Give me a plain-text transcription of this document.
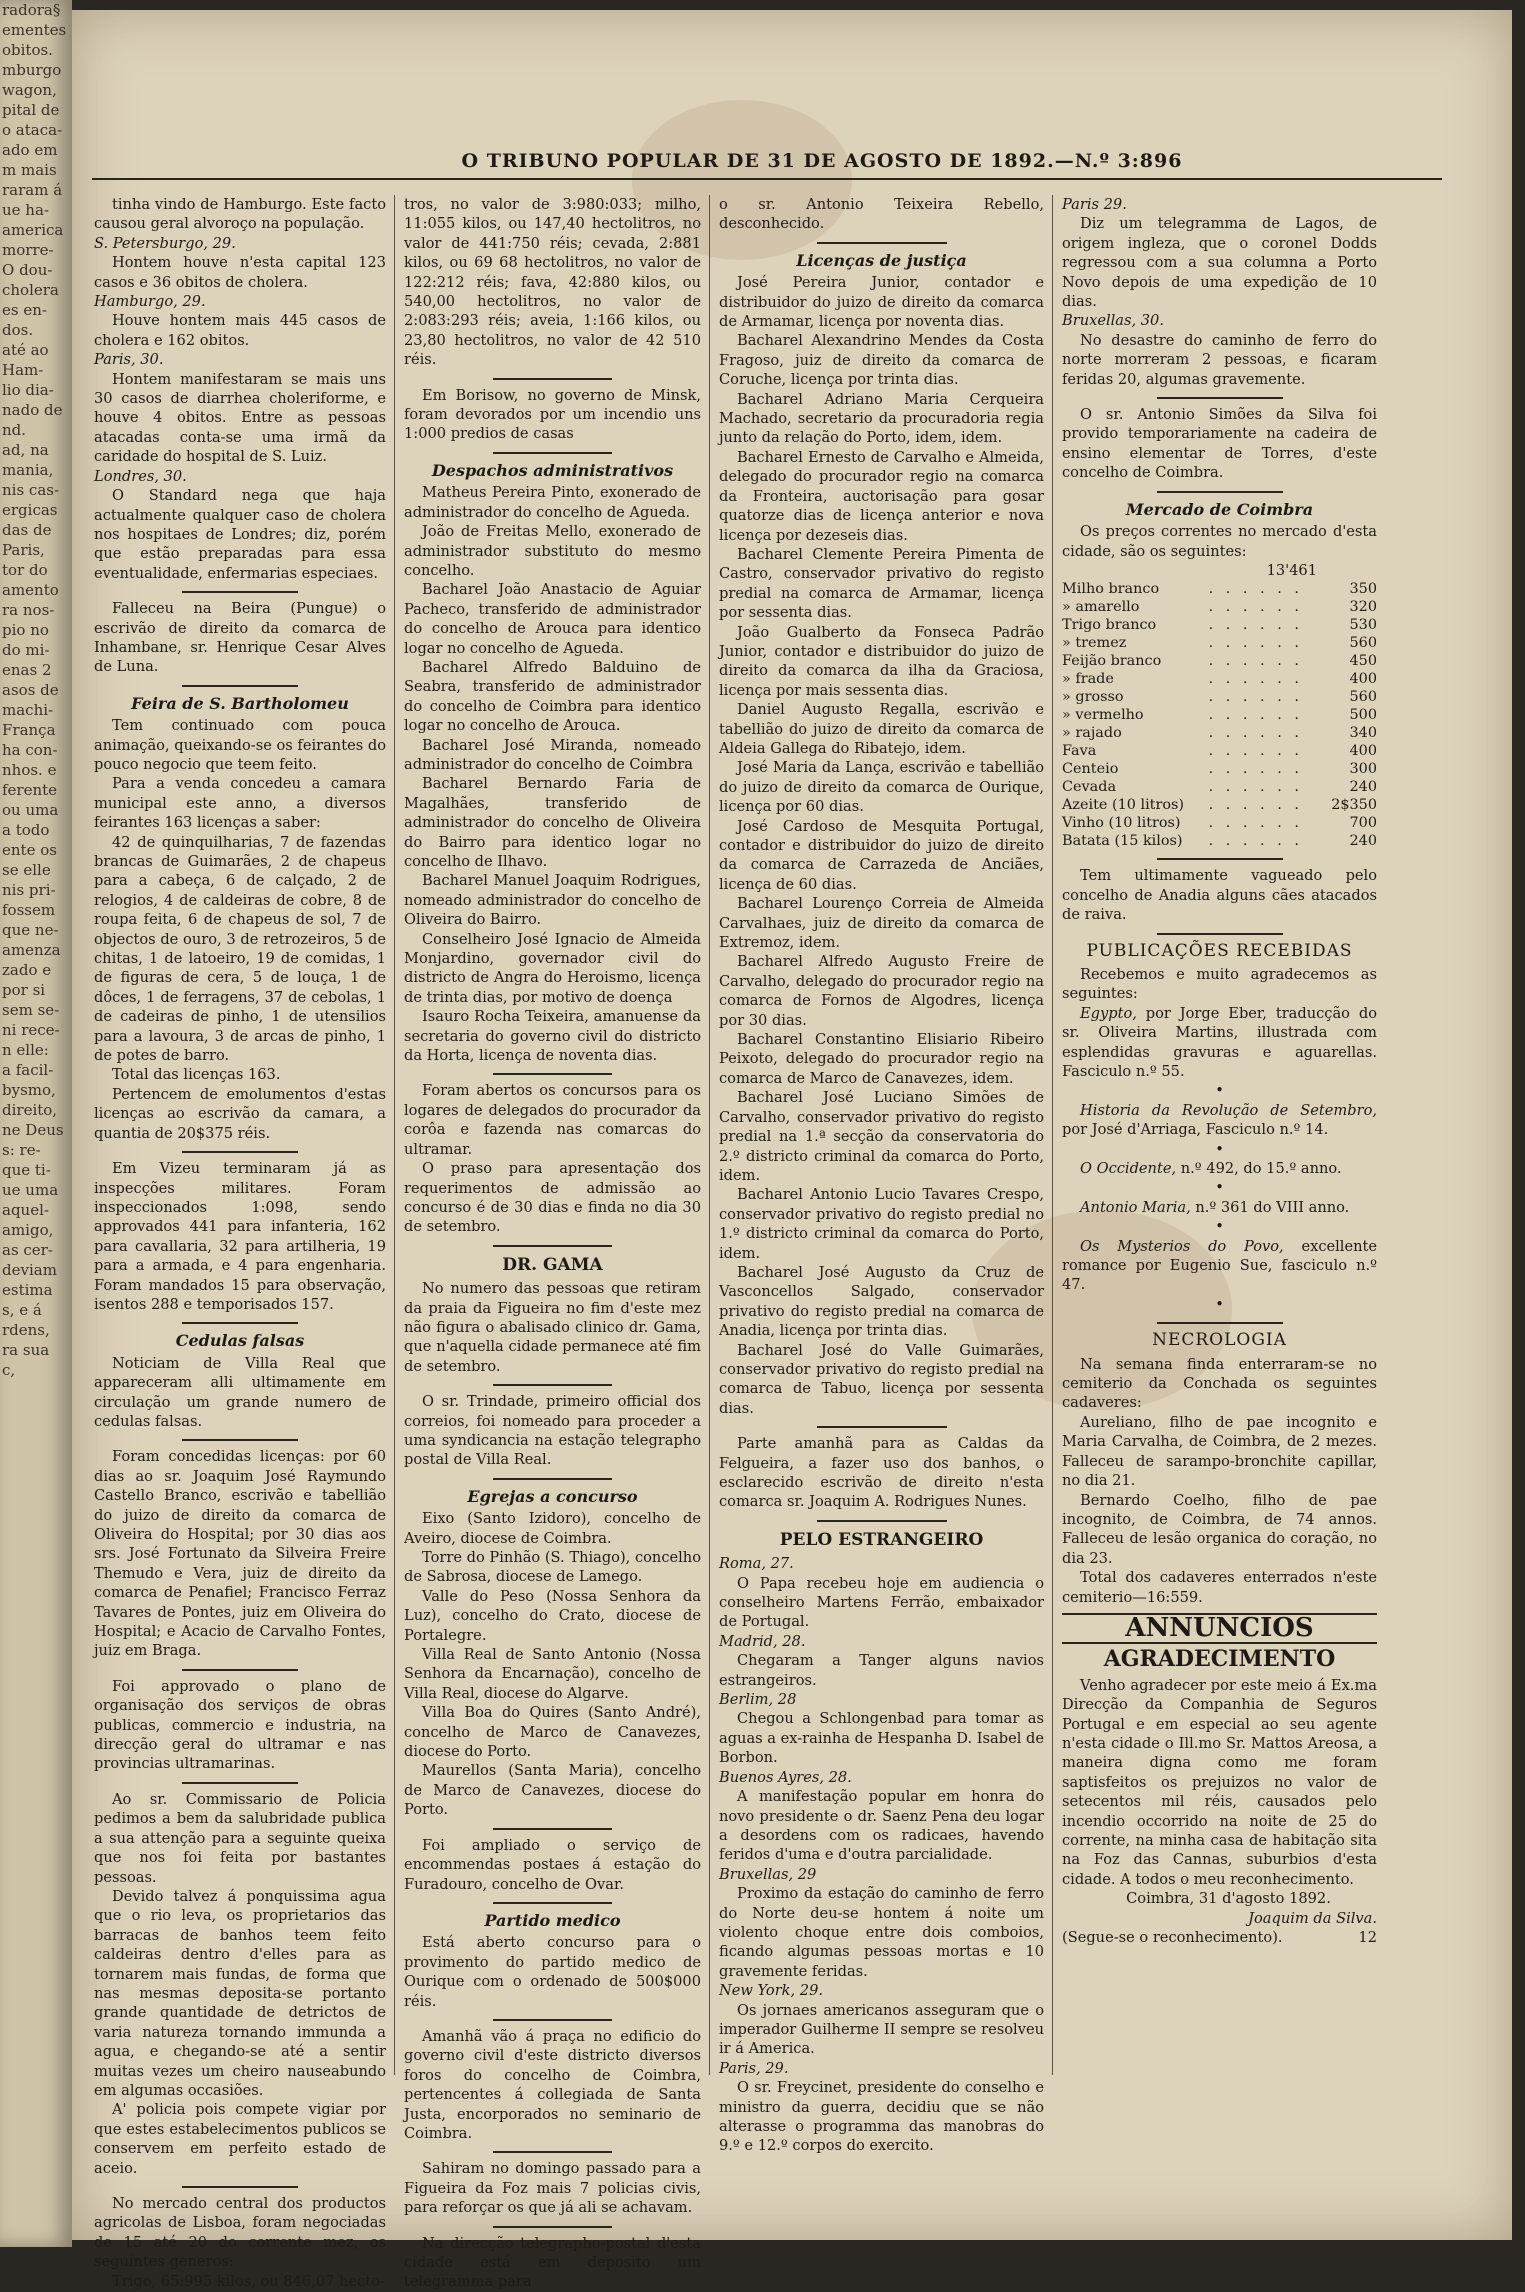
radora§
ementes
obitos.
mburgo
wagon,
pital de
o ataca-
ado em
m mais
raram á
ue ha-
america
morre-
O dou-
cholera
es en-
dos.
até ao
Ham-
lio dia-
nado de
nd.
ad, na
mania,
nis cas-
ergicas
das de
Paris,
tor do
amento
ra nos-
pio no
do mi-
enas 2
asos de
machi-
França
ha con-
nhos. e
ferente
ou uma
a todo
ente os
se elle
nis pri-
fossem
que ne-
amenza
zado e
por si
sem se-
ni rece-
n elle:
a facil-
bysmo,
direito,
ne Deus
s: re-
que ti-
ue uma
aquel-
amigo,
as cer-
deviam
estima
s, e á
rdens,
ra sua
c,
O TRIBUNO POPULAR DE 31 DE AGOSTO DE 1892.—N.º 3:896

tinha vindo de Hamburgo. Este facto causou geral alvoroço na população.

S. Petersburgo, 29.

Hontem houve n'esta capital 123 casos e 36 obitos de cholera.

Hamburgo, 29.

Houve hontem mais 445 casos de cholera e 162 obitos.

Paris, 30.

Hontem manifestaram se mais uns 30 casos de diarrhea choleriforme, e houve 4 obitos. Entre as pessoas atacadas conta-se uma irmã da caridade do hospital de S. Luiz.

Londres, 30.

O Standard nega que haja actualmente qualquer caso de cholera nos hospitaes de Londres; diz, porém que estão preparadas para essa eventualidade, enfermarias especiaes.

Falleceu na Beira (Pungue) o escrivão de direito da comarca de Inhambane, sr. Henrique Cesar Alves de Luna.

Feira de S. Bartholomeu

Tem continuado com pouca animação, queixando-se os feirantes do pouco negocio que teem feito.

Para a venda concedeu a camara municipal este anno, a diversos feirantes 163 licenças a saber:

42 de quinquilharias, 7 de fazendas brancas de Guimarães, 2 de chapeus para a cabeça, 6 de calçado, 2 de relogios, 4 de caldeiras de cobre, 8 de roupa feita, 6 de chapeus de sol, 7 de objectos de ouro, 3 de retrozeiros, 5 de chitas, 1 de latoeiro, 19 de comidas, 1 de figuras de cera, 5 de louça, 1 de dôces, 1 de ferragens, 37 de cebolas, 1 de cadeiras de pinho, 1 de utensilios para a lavoura, 3 de arcas de pinho, 1 de potes de barro.

Total das licenças 163.

Pertencem de emolumentos d'estas licenças ao escrivão da camara, a quantia de 20$375 réis.

Em Vizeu terminaram já as inspecções militares. Foram inspeccionados 1:098, sendo approvados 441 para infanteria, 162 para cavallaria, 32 para artilheria, 19 para a armada, e 4 para engenharia. Foram mandados 15 para observação, isentos 288 e temporisados 157.

Cedulas falsas

Noticiam de Villa Real que appareceram alli ultimamente em circulação um grande numero de cedulas falsas.

Foram concedidas licenças: por 60 dias ao sr. Joaquim José Raymundo Castello Branco, escrivão e tabellião do juizo de direito da comarca de Oliveira do Hospital; por 30 dias aos srs. José Fortunato da Silveira Freire Themudo e Vera, juiz de direito da comarca de Penafiel; Francisco Ferraz Tavares de Pontes, juiz em Oliveira do Hospital; e Acacio de Carvalho Fontes, juiz em Braga.

Foi approvado o plano de organisação dos serviços de obras publicas, commercio e industria, na direcção geral do ultramar e nas provincias ultramarinas.

Ao sr. Commissario de Policia pedimos a bem da salubridade publica a sua attenção para a seguinte queixa que nos foi feita por bastantes pessoas.

Devido talvez á ponquissima agua que o rio leva, os proprietarios das barracas de banhos teem feito caldeiras dentro d'elles para as tornarem mais fundas, de forma que nas mesmas deposita-se portanto grande quantidade de detrictos de varia natureza tornando immunda a agua, e chegando-se até a sentir muitas vezes um cheiro nauseabundo em algumas occasiões.

A' policia pois compete vigiar por que estes estabelecimentos publicos se conservem em perfeito estado de aceio.

No mercado central dos productos agricolas de Lisboa, foram negociadas de 15 até 20 do corrente mez, os seguintes generos:

Trigo, 65:995 kilos, ou 846,07 hecto-

tros, no valor de 3:980:033; milho, 11:055 kilos, ou 147,40 hectolitros, no valor de 441:750 réis; cevada, 2:881 kilos, ou 69 68 hectolitros, no valor de 122:212 réis; fava, 42:880 kilos, ou 540,00 hectolitros, no valor de 2:083:293 réis; aveia, 1:166 kilos, ou 23,80 hectolitros, no valor de 42 510 réis.

Em Borisow, no governo de Minsk, foram devorados por um incendio uns 1:000 predios de casas

Despachos administrativos

Matheus Pereira Pinto, exonerado de administrador do concelho de Agueda.

João de Freitas Mello, exonerado de administrador substituto do mesmo concelho.

Bacharel João Anastacio de Aguiar Pacheco, transferido de administrador do concelho de Arouca para identico logar no concelho de Agueda.

Bacharel Alfredo Balduino de Seabra, transferido de administrador do concelho de Coimbra para identico logar no concelho de Arouca.

Bacharel José Miranda, nomeado administrador do concelho de Coimbra

Bacharel Bernardo Faria de Magalhães, transferido de administrador do concelho de Oliveira do Bairro para identico logar no concelho de Ilhavo.

Bacharel Manuel Joaquim Rodrigues, nomeado administrador do concelho de Oliveira do Bairro.

Conselheiro José Ignacio de Almeida Monjardino, governador civil do districto de Angra do Heroismo, licença de trinta dias, por motivo de doença

Isauro Rocha Teixeira, amanuense da secretaria do governo civil do districto da Horta, licença de noventa dias.

Foram abertos os concursos para os logares de delegados do procurador da corôa e fazenda nas comarcas do ultramar.

O praso para apresentação dos requerimentos de admissão ao concurso é de 30 dias e finda no dia 30 de setembro.

DR. GAMA

No numero das pessoas que retiram da praia da Figueira no fim d'este mez não figura o abalisado clinico dr. Gama, que n'aquella cidade permanece até fim de setembro.

O sr. Trindade, primeiro official dos correios, foi nomeado para proceder a uma syndicancia na estação telegrapho postal de Villa Real.

Egrejas a concurso

Eixo (Santo Izidoro), concelho de Aveiro, diocese de Coimbra.

Torre do Pinhão (S. Thiago), concelho de Sabrosa, diocese de Lamego.

Valle do Peso (Nossa Senhora da Luz), concelho do Crato, diocese de Portalegre.

Villa Real de Santo Antonio (Nossa Senhora da Encarnação), concelho de Villa Real, diocese do Algarve.

Villa Boa do Quires (Santo André), concelho de Marco de Canavezes, diocese do Porto.

Maurellos (Santa Maria), concelho de Marco de Canavezes, diocese do Porto.

Foi ampliado o serviço de encommendas postaes á estação do Furadouro, concelho de Ovar.

Partido medico

Está aberto concurso para o provimento do partido medico de Ourique com o ordenado de 500$000 réis.

Amanhã vão á praça no edificio do governo civil d'este districto diversos foros do concelho de Coimbra, pertencentes á collegiada de Santa Justa, encorporados no seminario de Coimbra.

Sahiram no domingo passado para a Figueira da Foz mais 7 policias civis, para reforçar os que já ali se achavam.

Na direcção telegrapho-postal d'esta cidade está em deposito um telegramma para

o sr. Antonio Teixeira Rebello, desconhecido.

Licenças de justiça

José Pereira Junior, contador e distribuidor do juizo de direito da comarca de Armamar, licença por noventa dias.

Bacharel Alexandrino Mendes da Costa Fragoso, juiz de direito da comarca de Coruche, licença por trinta dias.

Bacharel Adriano Maria Cerqueira Machado, secretario da procuradoria regia junto da relação do Porto, idem, idem.

Bacharel Ernesto de Carvalho e Almeida, delegado do procurador regio na comarca da Fronteira, auctorisação para gosar quatorze dias de licença anterior e nova licença por dezeseis dias.

Bacharel Clemente Pereira Pimenta de Castro, conservador privativo do registo predial na comarca de Armamar, licença por sessenta dias.

João Gualberto da Fonseca Padrão Junior, contador e distribuidor do juizo de direito da comarca da ilha da Graciosa, licença por mais sessenta dias.

Daniel Augusto Regalla, escrivão e tabellião do juizo de direito da comarca de Aldeia Gallega do Ribatejo, idem.

José Maria da Lança, escrivão e tabellião do juizo de direito da comarca de Ourique, licença por 60 dias.

José Cardoso de Mesquita Portugal, contador e distribuidor do juizo de direito da comarca de Carrazeda de Anciães, licença de 60 dias.

Bacharel Lourenço Correia de Almeida Carvalhaes, juiz de direito da comarca de Extremoz, idem.

Bacharel Alfredo Augusto Freire de Carvalho, delegado do procurador regio na comarca de Fornos de Algodres, licença por 30 dias.

Bacharel Constantino Elisiario Ribeiro Peixoto, delegado do procurador regio na comarca de Marco de Canavezes, idem.

Bacharel José Luciano Simões de Carvalho, conservador privativo do registo predial na 1.ª secção da conservatoria do 2.º districto criminal da comarca do Porto, idem.

Bacharel Antonio Lucio Tavares Crespo, conservador privativo do registo predial no 1.º districto criminal da comarca do Porto, idem.

Bacharel José Augusto da Cruz de Vasconcellos Salgado, conservador privativo do registo predial na comarca de Anadia, licença por trinta dias.

Bacharel José do Valle Guimarães, conservador privativo do registo predial na comarca de Tabuo, licença por sessenta dias.

Parte amanhã para as Caldas da Felgueira, a fazer uso dos banhos, o esclarecido escrivão de direito n'esta comarca sr. Joaquim A. Rodrigues Nunes.

PELO ESTRANGEIRO

Roma, 27.

O Papa recebeu hoje em audiencia o conselheiro Martens Ferrão, embaixador de Portugal.

Madrid, 28.

Chegaram a Tanger alguns navios estrangeiros.

Berlim, 28

Chegou a Schlongenbad para tomar as aguas a ex-rainha de Hespanha D. Isabel de Borbon.

Buenos Ayres, 28.

A manifestação popular em honra do novo presidente o dr. Saenz Pena deu logar a desordens com os radicaes, havendo feridos d'uma e d'outra parcialidade.

Bruxellas, 29

Proximo da estação do caminho de ferro do Norte deu-se hontem á noite um violento choque entre dois comboios, ficando algumas pessoas mortas e 10 gravemente feridas.

New York, 29.

Os jornaes americanos asseguram que o imperador Guilherme II sempre se resolveu ir á America.

Paris, 29.

O sr. Freycinet, presidente do conselho e ministro da guerra, decidiu que se não alterasse o programma das manobras do 9.º e 12.º corpos do exercito.

Paris 29.

Diz um telegramma de Lagos, de origem ingleza, que o coronel Dodds regressou com a sua columna a Porto Novo depois de uma expedição de 10 dias.

Bruxellas, 30.

No desastre do caminho de ferro do norte morreram 2 pessoas, e ficaram feridas 20, algumas gravemente.

O sr. Antonio Simões da Silva foi provido temporariamente na cadeira de ensino elementar de Torres, d'este concelho de Coimbra.

Mercado de Coimbra

Os preços correntes no mercado d'esta cidade, são os seguintes:

13'461
Milho branco	. . . . . .	350
» amarello	. . . . . .	320
Trigo branco	. . . . . .	530
» tremez	. . . . . .	560
Feijão branco	. . . . . .	450
» frade	. . . . . .	400
» grosso	. . . . . .	560
» vermelho	. . . . . .	500
» rajado	. . . . . .	340
Fava	. . . . . .	400
Centeio	. . . . . .	300
Cevada	. . . . . .	240
Azeite (10 litros)	. . . . . .	2$350
Vinho (10 litros)	. . . . . .	700
Batata (15 kilos)	. . . . . .	240

Tem ultimamente vagueado pelo concelho de Anadia alguns cães atacados de raiva.

PUBLICAÇÕES RECEBIDAS

Recebemos e muito agradecemos as seguintes:

Egypto, por Jorge Eber, traducção do sr. Oliveira Martins, illustrada com esplendidas gravuras e aguarellas. Fasciculo n.º 55.

•

Historia da Revolução de Setembro, por José d'Arriaga, Fasciculo n.º 14.

•

O Occidente, n.º 492, do 15.º anno.

•

Antonio Maria, n.º 361 do VIII anno.

•

Os Mysterios do Povo, excellente romance por Eugenio Sue, fasciculo n.º 47.

•
NECROLOGIA

Na semana finda enterraram-se no cemiterio da Conchada os seguintes cadaveres:

Aureliano, filho de pae incognito e Maria Carvalha, de Coimbra, de 2 mezes. Falleceu de sarampo-bronchite capillar, no dia 21.

Bernardo Coelho, filho de pae incognito, de Coimbra, de 74 annos. Falleceu de lesão organica do coração, no dia 23.

Total dos cadaveres enterrados n'este cemiterio—16:559.

ANNUNCIOS
AGRADECIMENTO

Venho agradecer por este meio á Ex.ma Direcção da Companhia de Seguros Portugal e em especial ao seu agente n'esta cidade o Ill.mo Sr. Mattos Areosa, a maneira digna como me foram saptisfeitos os prejuizos no valor de setecentos mil réis, causados pelo incendio occorrido na noite de 25 do corrente, na minha casa de habitação sita na Foz das Cannas, suburbios d'esta cidade. A todos o meu reconhecimento.

Coimbra, 31 d'agosto 1892.

Joaquim da Silva.

(Segue-se o reconhecimento).	12
